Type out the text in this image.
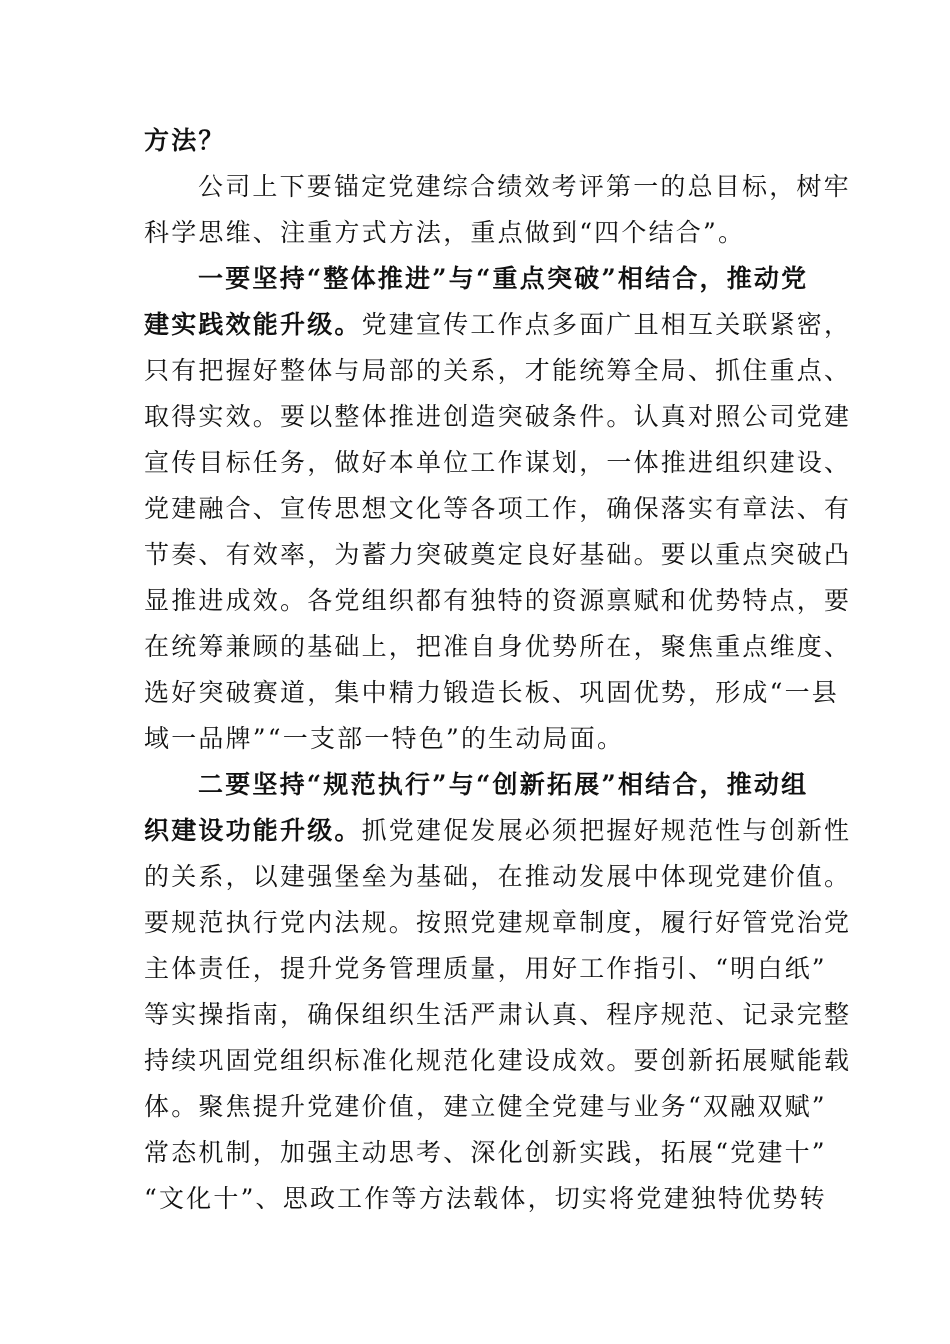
方法？
公司上下要锚定党建综合绩效考评第一的总目标，树牢
科学思维、注重方式方法，重点做到“四个结合”。
一要坚持“整体推进”与“重点突破”相结合，推动党
建实践效能升级。党建宣传工作点多面广且相互关联紧密，
只有把握好整体与局部的关系，才能统筹全局、抓住重点、
取得实效。要以整体推进创造突破条件。认真对照公司党建
宣传目标任务，做好本单位工作谋划，一体推进组织建设、
党建融合、宣传思想文化等各项工作，确保落实有章法、有
节奏、有效率，为蓄力突破奠定良好基础。要以重点突破凸
显推进成效。各党组织都有独特的资源禀赋和优势特点，要
在统筹兼顾的基础上，把准自身优势所在，聚焦重点维度、
选好突破赛道，集中精力锻造长板、巩固优势，形成“一县
域一品牌”“一支部一特色”的生动局面。
二要坚持“规范执行”与“创新拓展”相结合，推动组
织建设功能升级。抓党建促发展必须把握好规范性与创新性
的关系，以建强堡垒为基础，在推动发展中体现党建价值。
要规范执行党内法规。按照党建规章制度，履行好管党治党
主体责任，提升党务管理质量，用好工作指引、“明白纸”
等实操指南，确保组织生活严肃认真、程序规范、记录完整
持续巩固党组织标准化规范化建设成效。要创新拓展赋能载
体。聚焦提升党建价值，建立健全党建与业务“双融双赋”
常态机制，加强主动思考、深化创新实践，拓展“党建十”
“文化十”、思政工作等方法载体，切实将党建独特优势转
